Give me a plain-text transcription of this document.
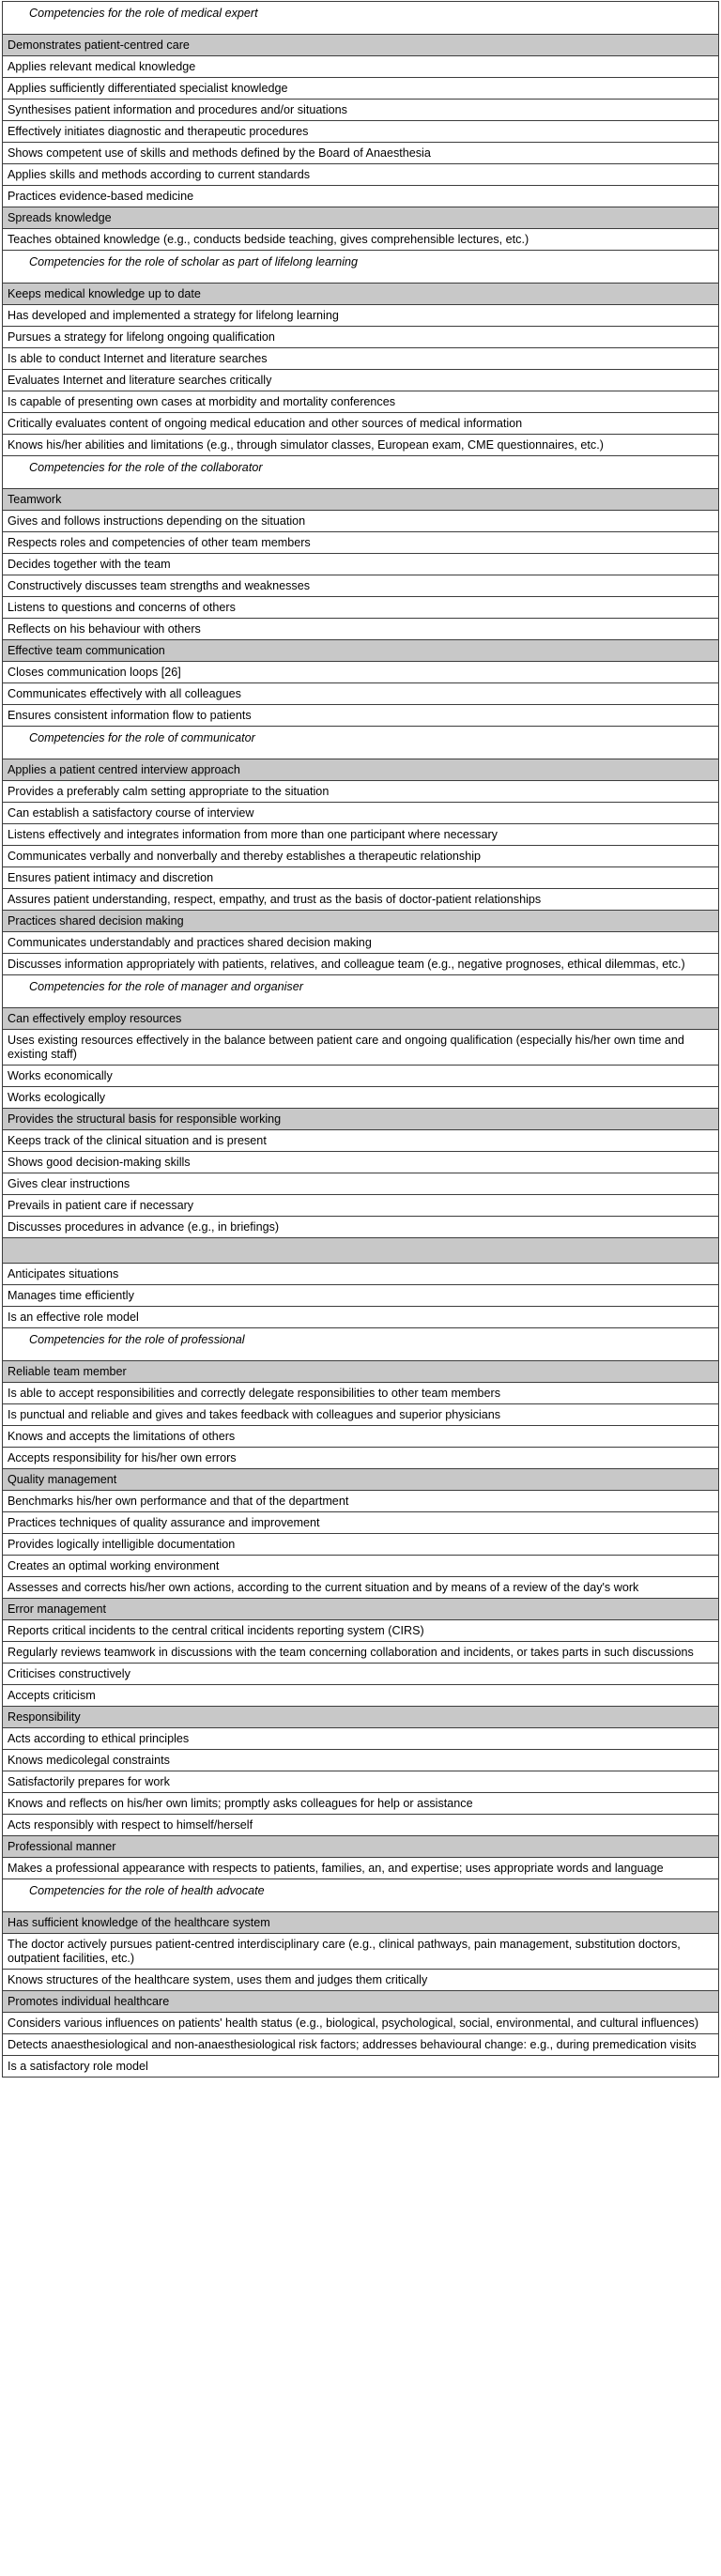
Competencies for the role of medical expert
Demonstrates patient-centred care
Applies relevant medical knowledge
Applies sufficiently differentiated specialist knowledge
Synthesises patient information and procedures and/or situations
Effectively initiates diagnostic and therapeutic procedures
Shows competent use of skills and methods defined by the Board of Anaesthesia
Applies skills and methods according to current standards
Practices evidence-based medicine
Spreads knowledge
Teaches obtained knowledge (e.g., conducts bedside teaching, gives comprehensible lectures, etc.)
Competencies for the role of scholar as part of lifelong learning
Keeps medical knowledge up to date
Has developed and implemented a strategy for lifelong learning
Pursues a strategy for lifelong ongoing qualification
Is able to conduct Internet and literature searches
Evaluates Internet and literature searches critically
Is capable of presenting own cases at morbidity and mortality conferences
Critically evaluates content of ongoing medical education and other sources of medical information
Knows his/her abilities and limitations (e.g., through simulator classes, European exam, CME questionnaires, etc.)
Competencies for the role of the collaborator
Teamwork
Gives and follows instructions depending on the situation
Respects roles and competencies of other team members
Decides together with the team
Constructively discusses team strengths and weaknesses
Listens to questions and concerns of others
Reflects on his behaviour with others
Effective team communication
Closes communication loops [26]
Communicates effectively with all colleagues
Ensures consistent information flow to patients
Competencies for the role of communicator
Applies a patient centred interview approach
Provides a preferably calm setting appropriate to the situation
Can establish a satisfactory course of interview
Listens effectively and integrates information from more than one participant where necessary
Communicates verbally and nonverbally and thereby establishes a therapeutic relationship
Ensures patient intimacy and discretion
Assures patient understanding, respect, empathy, and trust as the basis of doctor-patient relationships
Practices shared decision making
Communicates understandably and practices shared decision making
Discusses information appropriately with patients, relatives, and colleague team (e.g., negative prognoses, ethical dilemmas, etc.)
Competencies for the role of manager and organiser
Can effectively employ resources
Uses existing resources effectively in the balance between patient care and ongoing qualification (especially his/her own time and existing staff)
Works economically
Works ecologically
Provides the structural basis for responsible working
Keeps track of the clinical situation and is present
Shows good decision-making skills
Gives clear instructions
Prevails in patient care if necessary
Discusses procedures in advance (e.g., in briefings)

Anticipates situations
Manages time efficiently
Is an effective role model
Competencies for the role of professional
Reliable team member
Is able to accept responsibilities and correctly delegate responsibilities to other team members
Is punctual and reliable and gives and takes feedback with colleagues and superior physicians
Knows and accepts the limitations of others
Accepts responsibility for his/her own errors
Quality management
Benchmarks his/her own performance and that of the department
Practices techniques of quality assurance and improvement
Provides logically intelligible documentation
Creates an optimal working environment
Assesses and corrects his/her own actions, according to the current situation and by means of a review of the day's work
Error management
Reports critical incidents to the central critical incidents reporting system (CIRS)
Regularly reviews teamwork in discussions with the team concerning collaboration and incidents, or takes parts in such discussions
Criticises constructively
Accepts criticism
Responsibility
Acts according to ethical principles
Knows medicolegal constraints
Satisfactorily prepares for work
Knows and reflects on his/her own limits; promptly asks colleagues for help or assistance
Acts responsibly with respect to himself/herself
Professional manner
Makes a professional appearance with respects to patients, families, an, and expertise; uses appropriate words and language
Competencies for the role of health advocate
Has sufficient knowledge of the healthcare system
The doctor actively pursues patient-centred interdisciplinary care (e.g., clinical pathways, pain management, substitution doctors, outpatient facilities, etc.)
Knows structures of the healthcare system, uses them and judges them critically
Promotes individual healthcare
Considers various influences on patients' health status (e.g., biological, psychological, social, environmental, and cultural influences)
Detects anaesthesiological and non-anaesthesiological risk factors; addresses behavioural change: e.g., during premedication visits
Is a satisfactory role model
